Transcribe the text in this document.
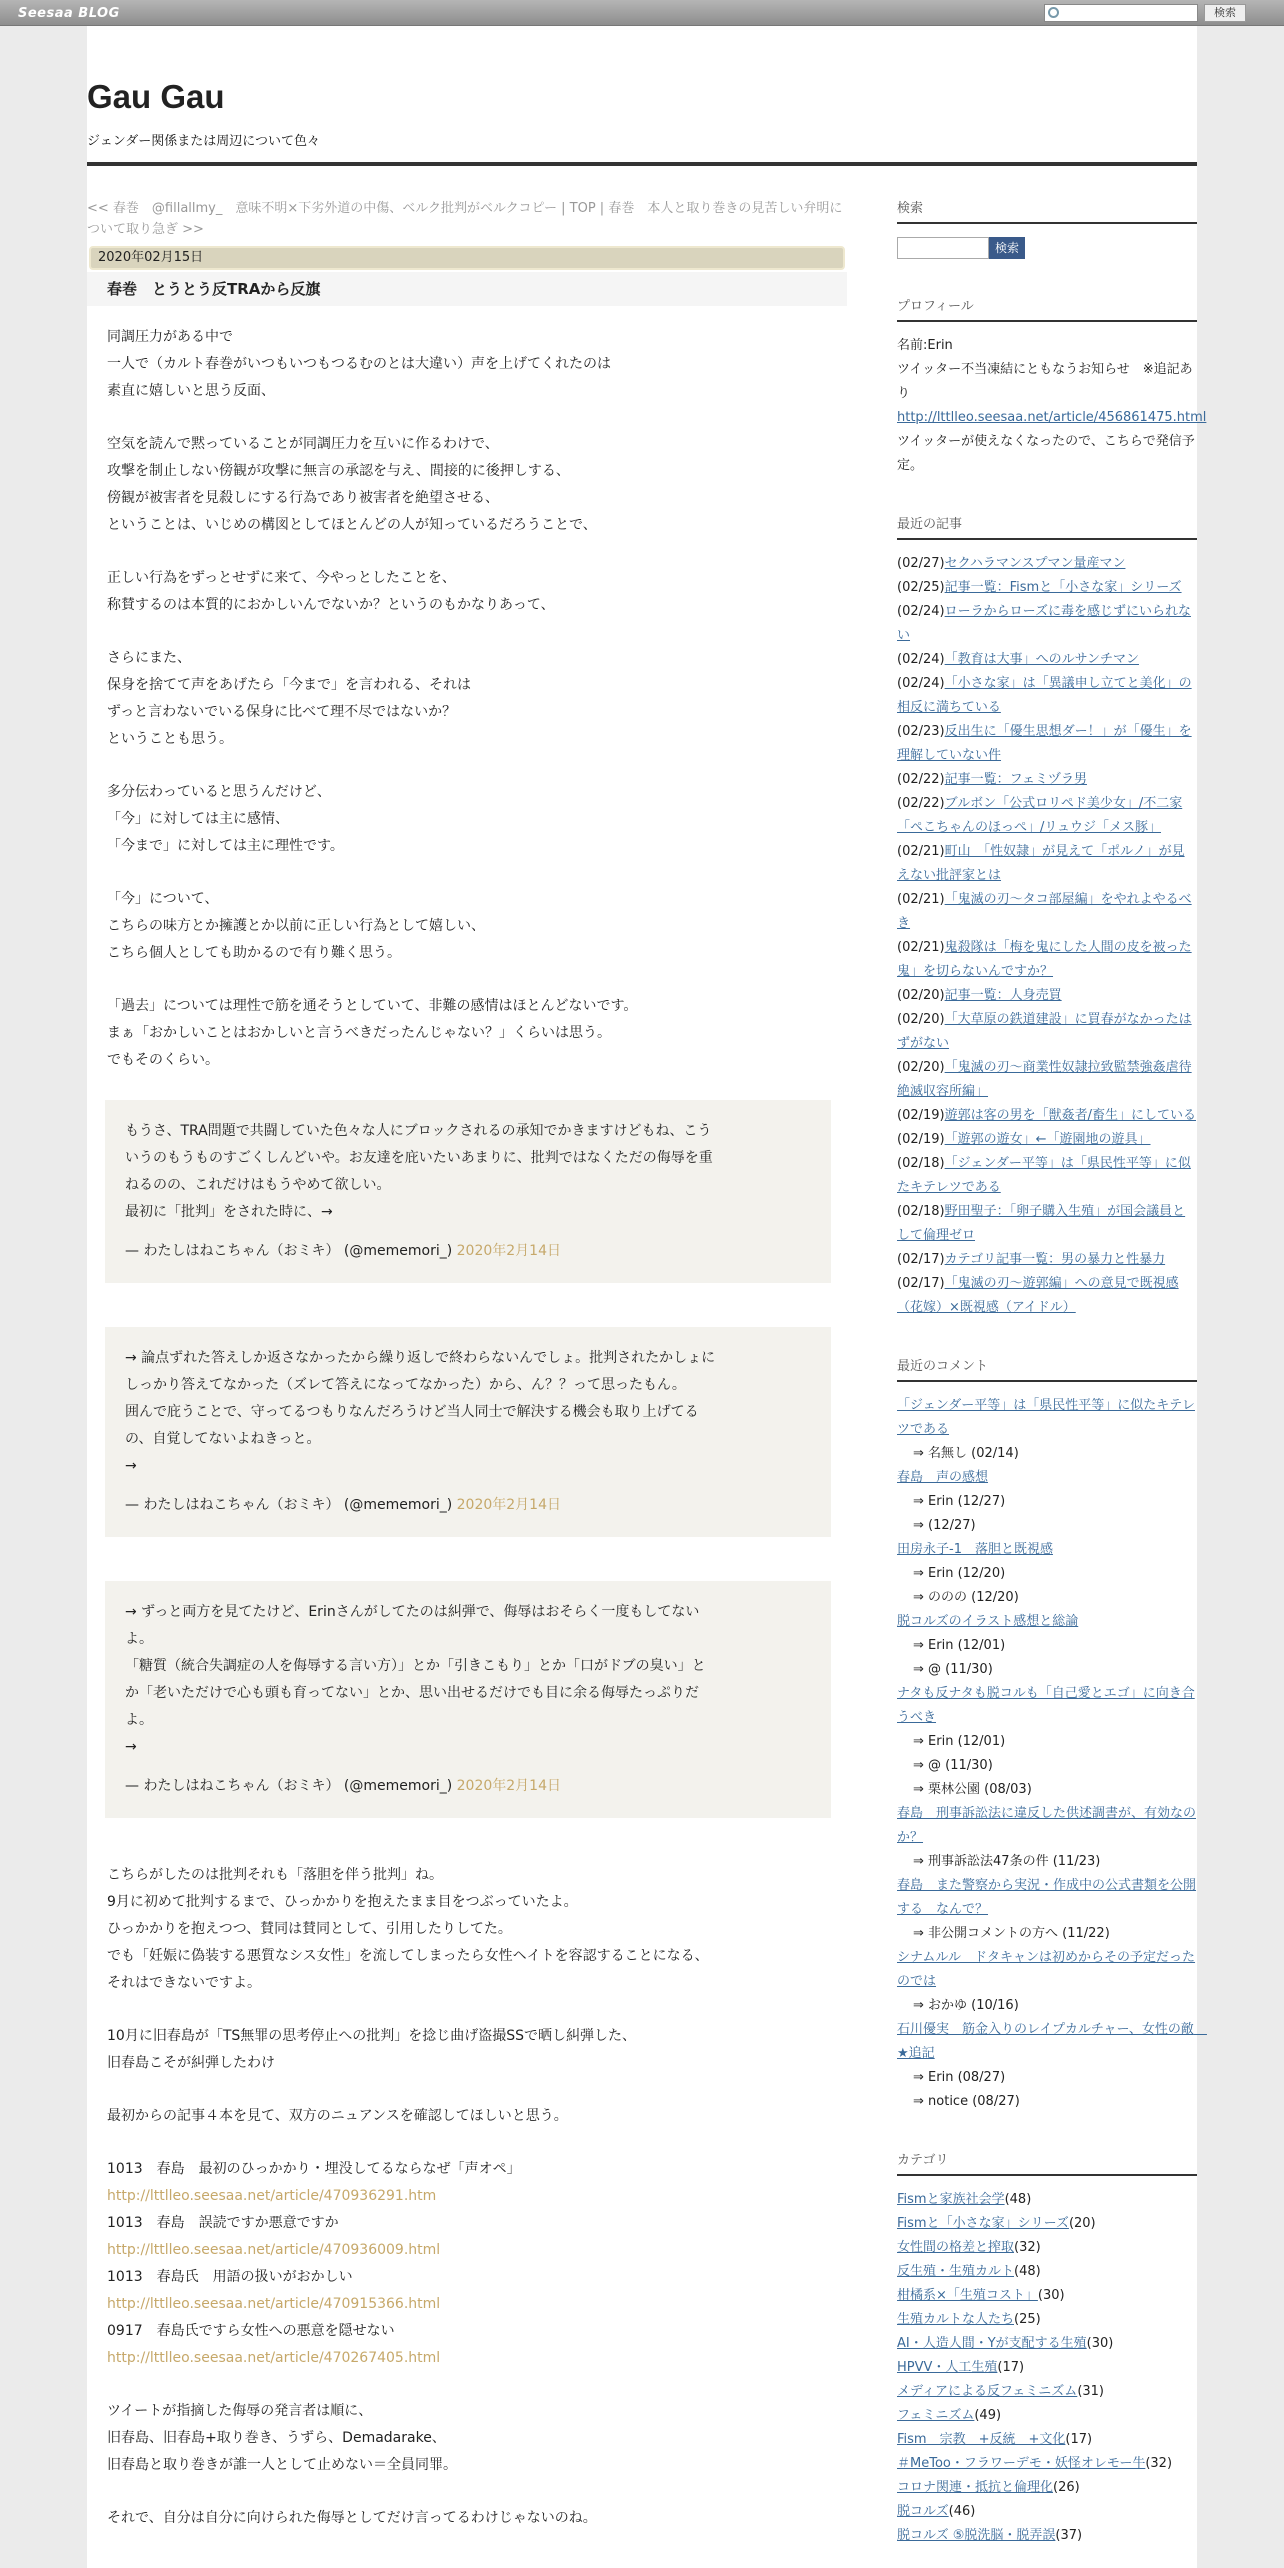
Seesaa BLOG	検索
Gau Gau
ジェンダー関係または周辺について色々
<< 春巻　@fillallmy_　意味不明×下劣外道の中傷、ベルク批判がベルクコピー | TOP | 春巻　本人と取り巻きの見苦しい弁明について取り急ぎ >>
2020年02月15日
春巻　とうとう反TRAから反旗
同調圧力がある中で
一人で（カルト春巻がいつもいつもつるむのとは大違い）声を上げてくれたのは
素直に嬉しいと思う反面、
空気を読んで黙っていることが同調圧力を互いに作るわけで、
攻撃を制止しない傍観が攻撃に無言の承認を与え、間接的に後押しする、
傍観が被害者を見殺しにする行為であり被害者を絶望させる、
ということは、いじめの構図としてほとんどの人が知っているだろうことで、
正しい行為をずっとせずに来て、今やっとしたことを、
称賛するのは本質的におかしいんでないか？というのもかなりあって、
さらにまた、
保身を捨てて声をあげたら「今まで」を言われる、それは
ずっと言わないでいる保身に比べて理不尽ではないか？
ということも思う。
多分伝わっていると思うんだけど、
「今」に対しては主に感情、
「今まで」に対しては主に理性です。
「今」について、
こちらの味方とか擁護とか以前に正しい行為として嬉しい、
こちら個人としても助かるので有り難く思う。
「過去」については理性で筋を通そうとしていて、非難の感情はほとんどないです。
まぁ「おかしいことはおかしいと言うべきだったんじゃない？」くらいは思う。
でもそのくらい。
もうさ、TRA問題で共闘していた色々な人にブロックされるの承知でかきますけどもね、こう
いうのもうものすごくしんどいや。お友達を庇いたいあまりに、批判ではなくただの侮辱を重
ねるのの、これだけはもうやめて欲しい。
最初に「批判」をされた時に、→
— わたしはねこちゃん（おミキ） (@mememori_) 2020年2月14日
→ 論点ずれた答えしか返さなかったから繰り返しで終わらないんでしょ。批判されたかしょに
しっかり答えてなかった（ズレて答えになってなかった）から、ん？？って思ったもん。
囲んで庇うことで、守ってるつもりなんだろうけど当人同士で解決する機会も取り上げてる
の、自覚してないよねきっと。
→
— わたしはねこちゃん（おミキ） (@mememori_) 2020年2月14日
→ ずっと両方を見てたけど、Erinさんがしてたのは糾弾で、侮辱はおそらく一度もしてない
よ。
「糖質（統合失調症の人を侮辱する言い方）」とか「引きこもり」とか「口がドブの臭い」と
か「老いただけで心も頭も育ってない」とか、思い出せるだけでも目に余る侮辱たっぷりだ
よ。
→
— わたしはねこちゃん（おミキ） (@mememori_) 2020年2月14日
こちらがしたのは批判それも「落胆を伴う批判」ね。
9月に初めて批判するまで、ひっかかりを抱えたまま目をつぶっていたよ。
ひっかかりを抱えつつ、賛同は賛同として、引用したりしてた。
でも「妊娠に偽装する悪質なシス女性」を流してしまったら女性ヘイトを容認することになる、
それはできないですよ。
10月に旧春島が「TS無罪の思考停止への批判」を捻じ曲げ盗撮SSで晒し糾弾した、
旧春島こそが糾弾したわけ
最初からの記事４本を見て、双方のニュアンスを確認してほしいと思う。
1013　春島　最初のひっかかり・埋没してるならなぜ「声オペ」
http://lttlleo.seesaa.net/article/470936291.htm
1013　春島　誤読ですか悪意ですか
http://lttlleo.seesaa.net/article/470936009.html
1013　春島氏　用語の扱いがおかしい
http://lttlleo.seesaa.net/article/470915366.html
0917　春島氏ですら女性への悪意を隠せない
http://lttlleo.seesaa.net/article/470267405.html
ツイートが指摘した侮辱の発言者は順に、
旧春島、旧春島+取り巻き、うずら、Demadarake、
旧春島と取り巻きが誰一人として止めない＝全員同罪。
それで、自分は自分に向けられた侮辱としてだけ言ってるわけじゃないのね。
検索
検索
プロフィール
名前:Erin
ツイッター不当凍結にともなうお知らせ　※追記あり
http://lttlleo.seesaa.net/article/456861475.html
ツイッターが使えなくなったので、こちらで発信予定。
最近の記事
(02/27)セクハラマンスプマン量産マン
(02/25)記事一覧：Fismと「小さな家」シリーズ
(02/24)ローラからローズに毒を感じずにいられない
(02/24)「教育は大事」へのルサンチマン
(02/24)「小さな家」は「異議申し立てと美化」の相反に満ちている
(02/23)反出生に「優生思想ダー！」が「優生」を理解していない件
(02/22)記事一覧：フェミヅラ男
(02/22)ブルボン「公式ロリペド美少女」/不二家「ペこちゃんのほっぺ」/リュウジ「メス豚」
(02/21)町山　「性奴隷」が見えて「ポルノ」が見えない批評家とは
(02/21)「鬼滅の刃～タコ部屋編」をやれよやるべき
(02/21)鬼殺隊は「梅を鬼にした人間の皮を被った鬼」を切らないんですか？
(02/20)記事一覧：人身売買
(02/20)「大草原の鉄道建設」に買春がなかったはずがない
(02/20)「鬼滅の刃～商業性奴隷拉致監禁強姦虐待絶滅収容所編」
(02/19)遊郭は客の男を「獣姦者/畜生」にしている
(02/19)「遊郭の遊女」←「遊園地の遊具」
(02/18)「ジェンダー平等」は「県民性平等」に似たキテレツである
(02/18)野田聖子：「卵子購入生殖」が国会議員として倫理ゼロ
(02/17)カテゴリ記事一覧：男の暴力と性暴力
(02/17)「鬼滅の刃～遊郭編」への意見で既視感（花嫁）×既視感（アイドル）
最近のコメント
「ジェンダー平等」は「県民性平等」に似たキテレツである
⇒ 名無し (02/14)
春島　声の感想
⇒ Erin (12/27)
⇒ (12/27)
田房永子-1　落胆と既視感
⇒ Erin (12/20)
⇒ ののの (12/20)
脱コルズのイラスト感想と総論
⇒ Erin (12/01)
⇒ @ (11/30)
ナタも反ナタも脱コルも「自己愛とエゴ」に向き合うべき
⇒ Erin (12/01)
⇒ @ (11/30)
⇒ 栗林公園 (08/03)
春島　刑事訴訟法に違反した供述調書が、有効なのか？
⇒ 刑事訴訟法47条の件 (11/23)
春島　また警察から実況・作成中の公式書類を公開する　なんで？
⇒ 非公開コメントの方へ (11/22)
シナムルル　ドタキャンは初めからその予定だったのでは
⇒ おかゆ (10/16)
石川優実　筋金入りのレイプカルチャー、女性の敵　★追記
⇒ Erin (08/27)
⇒ notice (08/27)
カテゴリ
Fismと家族社会学(48)
Fismと「小さな家」シリーズ(20)
女性間の格差と搾取(32)
反生殖・生殖カルト(48)
柑橘系×「生殖コスト」(30)
生殖カルトな人たち(25)
AI・人造人間・Yが支配する生殖(30)
HPVV・人工生殖(17)
メディアによる反フェミニズム(31)
フェミニズム(49)
Fism　宗教　+反統　+文化(17)
＃MeToo・フラワーデモ・妖怪オレモー牛(32)
コロナ関連・抵抗と倫理化(26)
脱コルズ(46)
脱コルズ ⑤脱洗脳・脱弄誤(37)
